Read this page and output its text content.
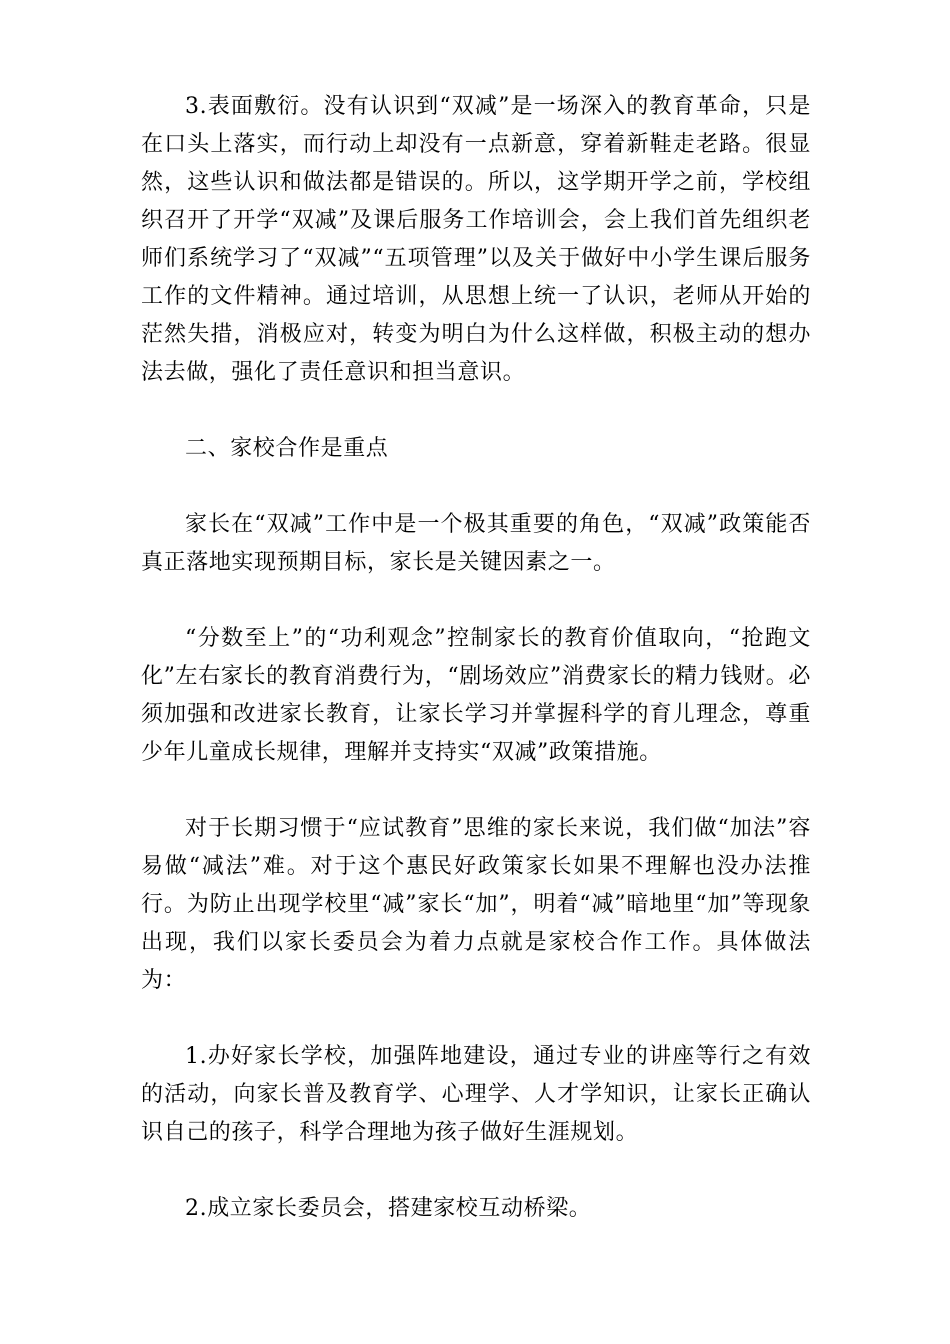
3.表面敷衍。没有认识到“双减”是一场深入的教育革命，只是在口头上落实，而行动上却没有一点新意，穿着新鞋走老路。很显然，这些认识和做法都是错误的。所以，这学期开学之前，学校组织召开了开学“双减”及课后服务工作培训会，会上我们首先组织老师们系统学习了“双减”“五项管理”以及关于做好中小学生课后服务工作的文件精神。通过培训，从思想上统一了认识，老师从开始的茫然失措，消极应对，转变为明白为什么这样做，积极主动的想办法去做，强化了责任意识和担当意识。

二、家校合作是重点

家长在“双减”工作中是一个极其重要的角色，“双减”政策能否真正落地实现预期目标，家长是关键因素之一。

“分数至上”的“功利观念”控制家长的教育价值取向，“抢跑文化”左右家长的教育消费行为，“剧场效应”消费家长的精力钱财。必须加强和改进家长教育，让家长学习并掌握科学的育儿理念，尊重少年儿童成长规律，理解并支持实“双减”政策措施。

对于长期习惯于“应试教育”思维的家长来说，我们做“加法”容易做“减法”难。对于这个惠民好政策家长如果不理解也没办法推行。为防止出现学校里“减”家长“加”，明着“减”暗地里“加”等现象出现，我们以家长委员会为着力点就是家校合作工作。具体做法为：

1.办好家长学校，加强阵地建设，通过专业的讲座等行之有效的活动，向家长普及教育学、心理学、人才学知识，让家长正确认识自己的孩子，科学合理地为孩子做好生涯规划。

2.成立家长委员会，搭建家校互动桥梁。
